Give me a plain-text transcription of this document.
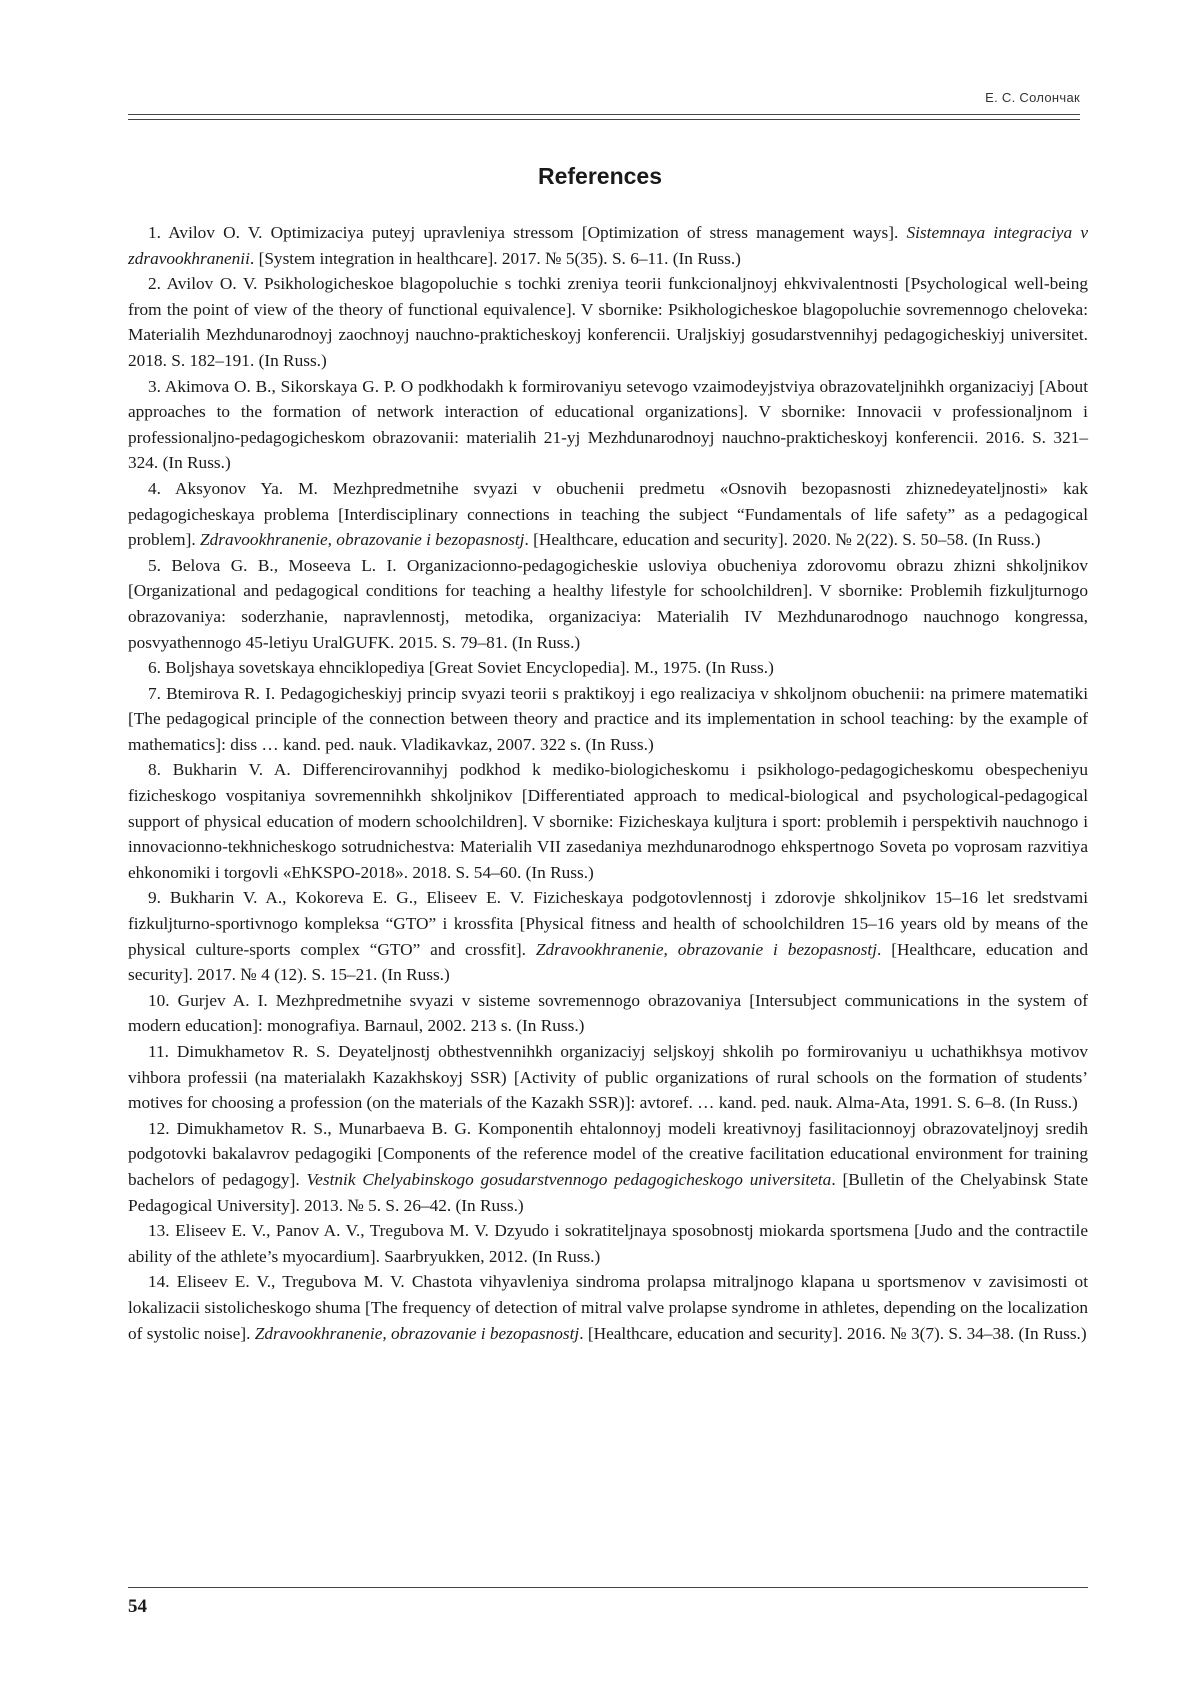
Е. С. Солончак
References

1. Avilov O. V. Optimizaciya puteyj upravleniya stressom [Optimization of stress management ways]. Sistemnaya integraciya v zdravookhranenii. [System integration in healthcare]. 2017. № 5(35). S. 6–11. (In Russ.)

2. Avilov O. V. Psikhologicheskoe blagopoluchie s tochki zreniya teorii funkcionaljnoyj ehkvivalentnosti [Psychological well-being from the point of view of the theory of functional equivalence]. V sbornike: Psikhologicheskoe blagopoluchie sovremennogo cheloveka: Materialih Mezhdunarodnoyj zaochnoyj nauchno-prakticheskoyj konferencii. Uraljskiyj gosudarstvennihyj pedagogicheskiyj universitet. 2018. S. 182–191. (In Russ.)

3. Akimova O. B., Sikorskaya G. P. O podkhodakh k formirovaniyu setevogo vzaimodeyjstviya obrazovateljnihkh organizaciyj [About approaches to the formation of network interaction of educational organizations]. V sbornike: Innovacii v professionaljnom i professionaljno-pedagogicheskom obrazovanii: materialih 21-yj Mezhdunarodnoyj nauchno-prakticheskoyj konferencii. 2016. S. 321–324. (In Russ.)

4. Aksyonov Ya. M. Mezhpredmetnihe svyazi v obuchenii predmetu «Osnovih bezopasnosti zhiznedeyateljnosti» kak pedagogicheskaya problema [Interdisciplinary connections in teaching the subject “Fundamentals of life safety” as a pedagogical problem]. Zdravookhranenie, obrazovanie i bezopasnostj. [Healthcare, education and security]. 2020. № 2(22). S. 50–58. (In Russ.)

5. Belova G. B., Moseeva L. I. Organizacionno-pedagogicheskie usloviya obucheniya zdorovomu obrazu zhizni shkoljnikov [Organizational and pedagogical conditions for teaching a healthy lifestyle for schoolchildren]. V sbornike: Problemih fizkuljturnogo obrazovaniya: soderzhanie, napravlennostj, metodika, organizaciya: Materialih IV Mezhdunarodnogo nauchnogo kongressa, posvyathennogo 45-letiyu UralGUFK. 2015. S. 79–81. (In Russ.)

6. Boljshaya sovetskaya ehnciklopediya [Great Soviet Encyclopedia]. M., 1975. (In Russ.)

7. Btemirova R. I. Pedagogicheskiyj princip svyazi teorii s praktikoyj i ego realizaciya v shkoljnom obuchenii: na primere matematiki [The pedagogical principle of the connection between theory and practice and its implementation in school teaching: by the example of mathematics]: diss … kand. ped. nauk. Vladikavkaz, 2007. 322 s. (In Russ.)

8. Bukharin V. A. Differencirovannihyj podkhod k mediko-biologicheskomu i psikhologo-pedagogicheskomu obespecheniyu fizicheskogo vospitaniya sovremennihkh shkoljnikov [Differentiated approach to medical-biological and psychological-pedagogical support of physical education of modern schoolchildren]. V sbornike: Fizicheskaya kuljtura i sport: problemih i perspektivih nauchnogo i innovacionno-tekhnicheskogo sotrudnichestva: Materialih VII zasedaniya mezhdunarodnogo ehkspertnogo Soveta po voprosam razvitiya ehkonomiki i torgovli «EhKSPO-2018». 2018. S. 54–60. (In Russ.)

9. Bukharin V. A., Kokoreva E. G., Eliseev E. V. Fizicheskaya podgotovlennostj i zdorovje shkoljnikov 15–16 let sredstvami fizkuljturno-sportivnogo kompleksa “GTO” i krossfita [Physical fitness and health of schoolchildren 15–16 years old by means of the physical culture-sports complex “GTO” and crossfit]. Zdravookhranenie, obrazovanie i bezopasnostj. [Healthcare, education and security]. 2017. № 4 (12). S. 15–21. (In Russ.)

10. Gurjev A. I. Mezhpredmetnihe svyazi v sisteme sovremennogo obrazovaniya [Intersubject communications in the system of modern education]: monografiya. Barnaul, 2002. 213 s. (In Russ.)

11. Dimukhametov R. S. Deyateljnostj obthestvennihkh organizaciyj seljskoyj shkolih po formirovaniyu u uchathikhsya motivov vihbora professii (na materialakh Kazakhskoyj SSR) [Activity of public organizations of rural schools on the formation of students’ motives for choosing a profession (on the materials of the Kazakh SSR)]: avtoref. … kand. ped. nauk. Alma-Ata, 1991. S. 6–8. (In Russ.)

12. Dimukhametov R. S., Munarbaeva B. G. Komponentih ehtalonnoyj modeli kreativnoyj fasilitacionnoyj obrazovateljnoyj sredih podgotovki bakalavrov pedagogiki [Components of the reference model of the creative facilitation educational environment for training bachelors of pedagogy]. Vestnik Chelyabinskogo gosudarstvennogo pedagogicheskogo universiteta. [Bulletin of the Chelyabinsk State Pedagogical University]. 2013. № 5. S. 26–42. (In Russ.)

13. Eliseev E. V., Panov A. V., Tregubova M. V. Dzyudo i sokratiteljnaya sposobnostj miokarda sportsmena [Judo and the contractile ability of the athlete’s myocardium]. Saarbryukken, 2012. (In Russ.)

14. Eliseev E. V., Tregubova M. V. Chastota vihyavleniya sindroma prolapsa mitraljnogo klapana u sportsmenov v zavisimosti ot lokalizacii sistolicheskogo shuma [The frequency of detection of mitral valve prolapse syndrome in athletes, depending on the localization of systolic noise]. Zdravookhranenie, obrazovanie i bezopasnostj. [Healthcare, education and security]. 2016. № 3(7). S. 34–38. (In Russ.)

54
